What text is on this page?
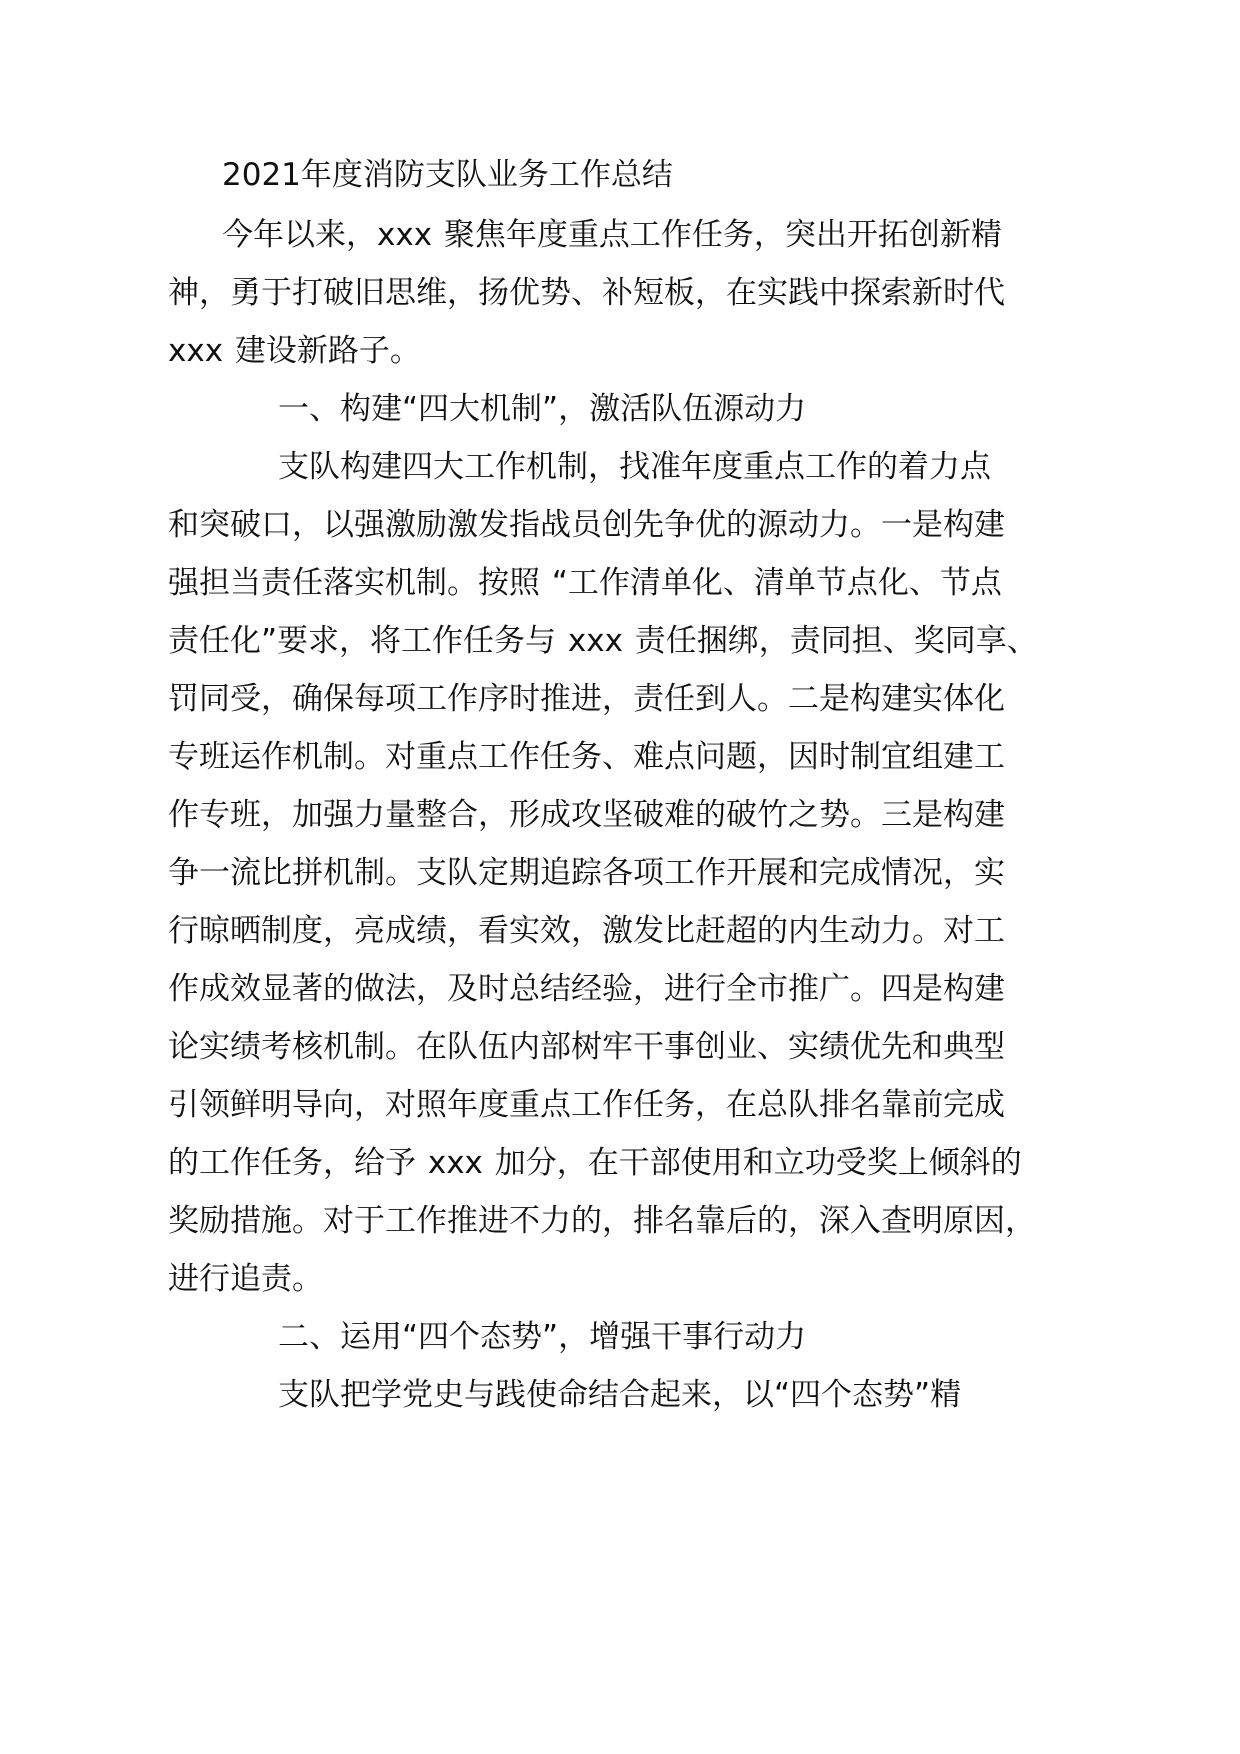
2021年度消防支队业务工作总结
今年以来，xxx 聚焦年度重点工作任务，突出开拓创新精
神，勇于打破旧思维，扬优势、补短板，在实践中探索新时代
xxx 建设新路子。
一、构建“四大机制”，激活队伍源动力
支队构建四大工作机制，找准年度重点工作的着力点
和突破口，以强激励激发指战员创先争优的源动力。一是构建
强担当责任落实机制。按照 “工作清单化、清单节点化、节点
责任化”要求，将工作任务与 xxx 责任捆绑，责同担、奖同享、
罚同受，确保每项工作序时推进，责任到人。二是构建实体化
专班运作机制。对重点工作任务、难点问题，因时制宜组建工
作专班，加强力量整合，形成攻坚破难的破竹之势。三是构建
争一流比拼机制。支队定期追踪各项工作开展和完成情况，实
行晾晒制度，亮成绩，看实效，激发比赶超的内生动力。对工
作成效显著的做法，及时总结经验，进行全市推广。四是构建
论实绩考核机制。在队伍内部树牢干事创业、实绩优先和典型
引领鲜明导向，对照年度重点工作任务，在总队排名靠前完成
的工作任务，给予 xxx 加分，在干部使用和立功受奖上倾斜的
奖励措施。对于工作推进不力的，排名靠后的，深入查明原因，
进行追责。
二、运用“四个态势”，增强干事行动力
支队把学党史与践使命结合起来，以“四个态势”精
